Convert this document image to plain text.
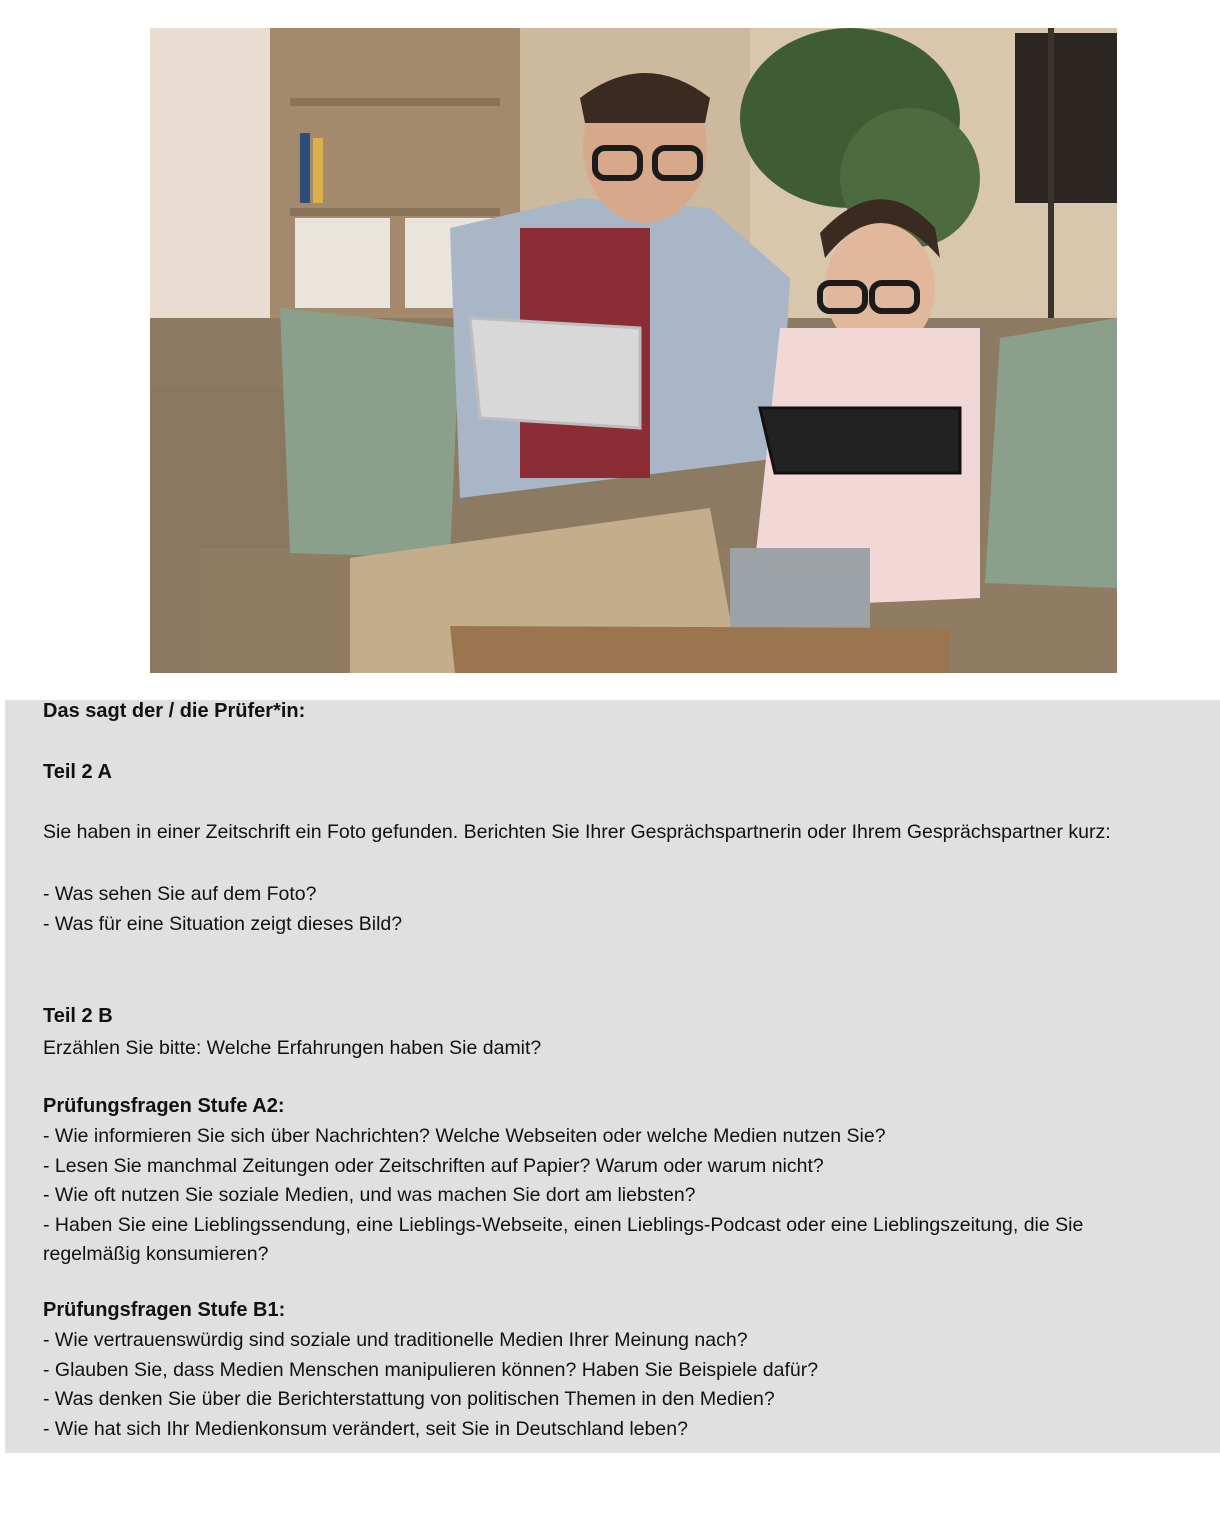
Das sagt der / die Prüfer*in:

Teil 2 A

Sie haben in einer Zeitschrift ein Foto gefunden. Berichten Sie Ihrer Gesprächspartnerin oder Ihrem Gesprächspartner kurz:

- Was sehen Sie auf dem Foto?
- Was für eine Situation zeigt dieses Bild?

Teil 2 B

Erzählen Sie bitte: Welche Erfahrungen haben Sie damit?

Prüfungsfragen Stufe A2:

- Wie informieren Sie sich über Nachrichten? Welche Webseiten oder welche Medien nutzen Sie?
- Lesen Sie manchmal Zeitungen oder Zeitschriften auf Papier? Warum oder warum nicht?
- Wie oft nutzen Sie soziale Medien, und was machen Sie dort am liebsten?
- Haben Sie eine Lieblingssendung, eine Lieblings-Webseite, einen Lieblings-Podcast oder eine Lieblingszeitung, die Sie regelmäßig konsumieren?

Prüfungsfragen Stufe B1:

- Wie vertrauenswürdig sind soziale und traditionelle Medien Ihrer Meinung nach?
- Glauben Sie, dass Medien Menschen manipulieren können? Haben Sie Beispiele dafür?
- Was denken Sie über die Berichterstattung von politischen Themen in den Medien?
- Wie hat sich Ihr Medienkonsum verändert, seit Sie in Deutschland leben?
